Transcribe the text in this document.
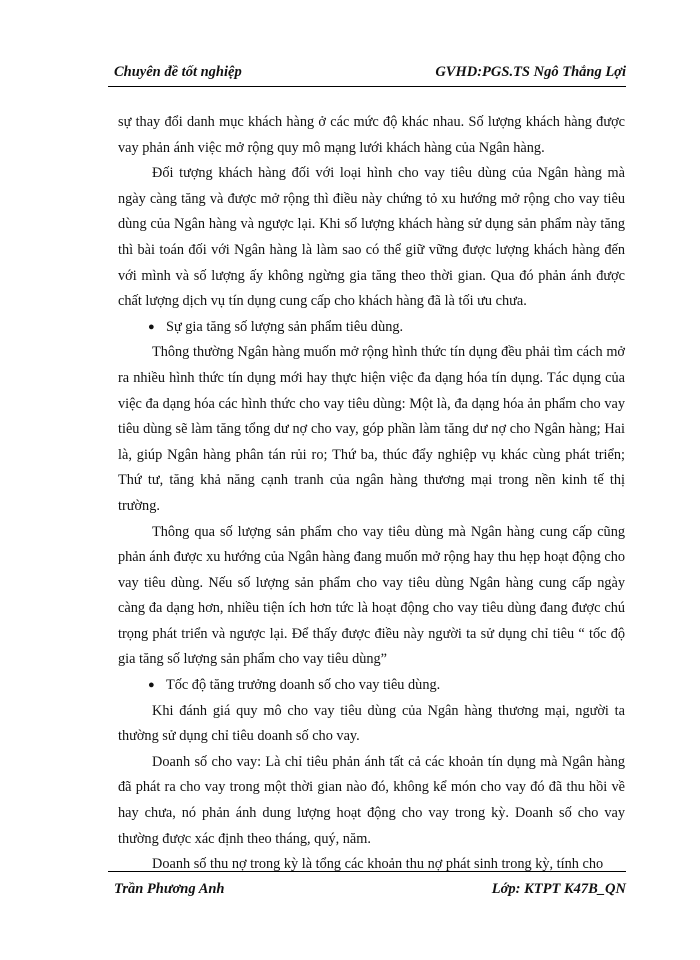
Chuyên đề tốt nghiệp	GVHD:PGS.TS Ngô Thắng Lợi

sự thay đổi danh mục khách hàng ở các mức độ khác nhau. Số lượng khách hàng được vay phản ánh việc mở rộng quy mô mạng lưới khách hàng của Ngân hàng.

Đối tượng khách hàng đối với loại hình cho vay tiêu dùng của Ngân hàng mà ngày càng tăng và được mở rộng thì điều này chứng tỏ xu hướng mở rộng cho vay tiêu dùng của Ngân hàng và ngược lại. Khi số lượng khách hàng sử dụng sản phẩm này tăng thì bài toán đối với Ngân hàng là làm sao có thể giữ vững được lượng khách hàng đến với mình và số lượng ấy không ngừng gia tăng theo thời gian. Qua đó phản ánh được chất lượng dịch vụ tín dụng cung cấp cho khách hàng đã là tối ưu chưa.

● Sự gia tăng số lượng sản phẩm tiêu dùng.

Thông thường Ngân hàng muốn mở rộng hình thức tín dụng đều phải tìm cách mở ra nhiều hình thức tín dụng mới hay thực hiện việc đa dạng hóa tín dụng. Tác dụng của việc đa dạng hóa các hình thức cho vay tiêu dùng: Một là, đa dạng hóa ản phẩm cho vay tiêu dùng sẽ làm tăng tổng dư nợ cho vay, góp phần làm tăng dư nợ cho Ngân hàng; Hai là, giúp Ngân hàng phân tán rủi ro; Thứ ba, thúc đẩy nghiệp vụ khác cùng phát triển; Thứ tư, tăng khả năng cạnh tranh của ngân hàng thương mại trong nền kinh tế thị trường.

Thông qua số lượng sản phẩm cho vay tiêu dùng mà Ngân hàng cung cấp cũng phản ánh được xu hướng của Ngân hàng đang muốn mở rộng hay thu hẹp hoạt động cho vay tiêu dùng. Nếu số lượng sản phẩm cho vay tiêu dùng Ngân hàng cung cấp ngày càng đa dạng hơn, nhiều tiện ích hơn tức là hoạt động cho vay tiêu dùng đang được chú trọng phát triển và ngược lại. Để thấy được điều này người ta sử dụng chỉ tiêu “ tốc độ gia tăng số lượng sản phẩm cho vay tiêu dùng”

● Tốc độ tăng trưởng doanh số cho vay tiêu dùng.

Khi đánh giá quy mô cho vay tiêu dùng của Ngân hàng thương mại, người ta thường sử dụng chỉ tiêu doanh số cho vay.

Doanh số cho vay: Là chỉ tiêu phản ánh tất cả các khoản tín dụng mà Ngân hàng đã phát ra cho vay trong một thời gian nào đó, không kể món cho vay đó đã thu hồi về hay chưa, nó phản ánh dung lượng hoạt động cho vay trong kỳ. Doanh số cho vay thường được xác định theo tháng, quý, năm.

Doanh số thu nợ trong kỳ là tổng các khoản thu nợ phát sinh trong kỳ, tính cho

Trần Phương Anh	Lớp: KTPT K47B_QN
